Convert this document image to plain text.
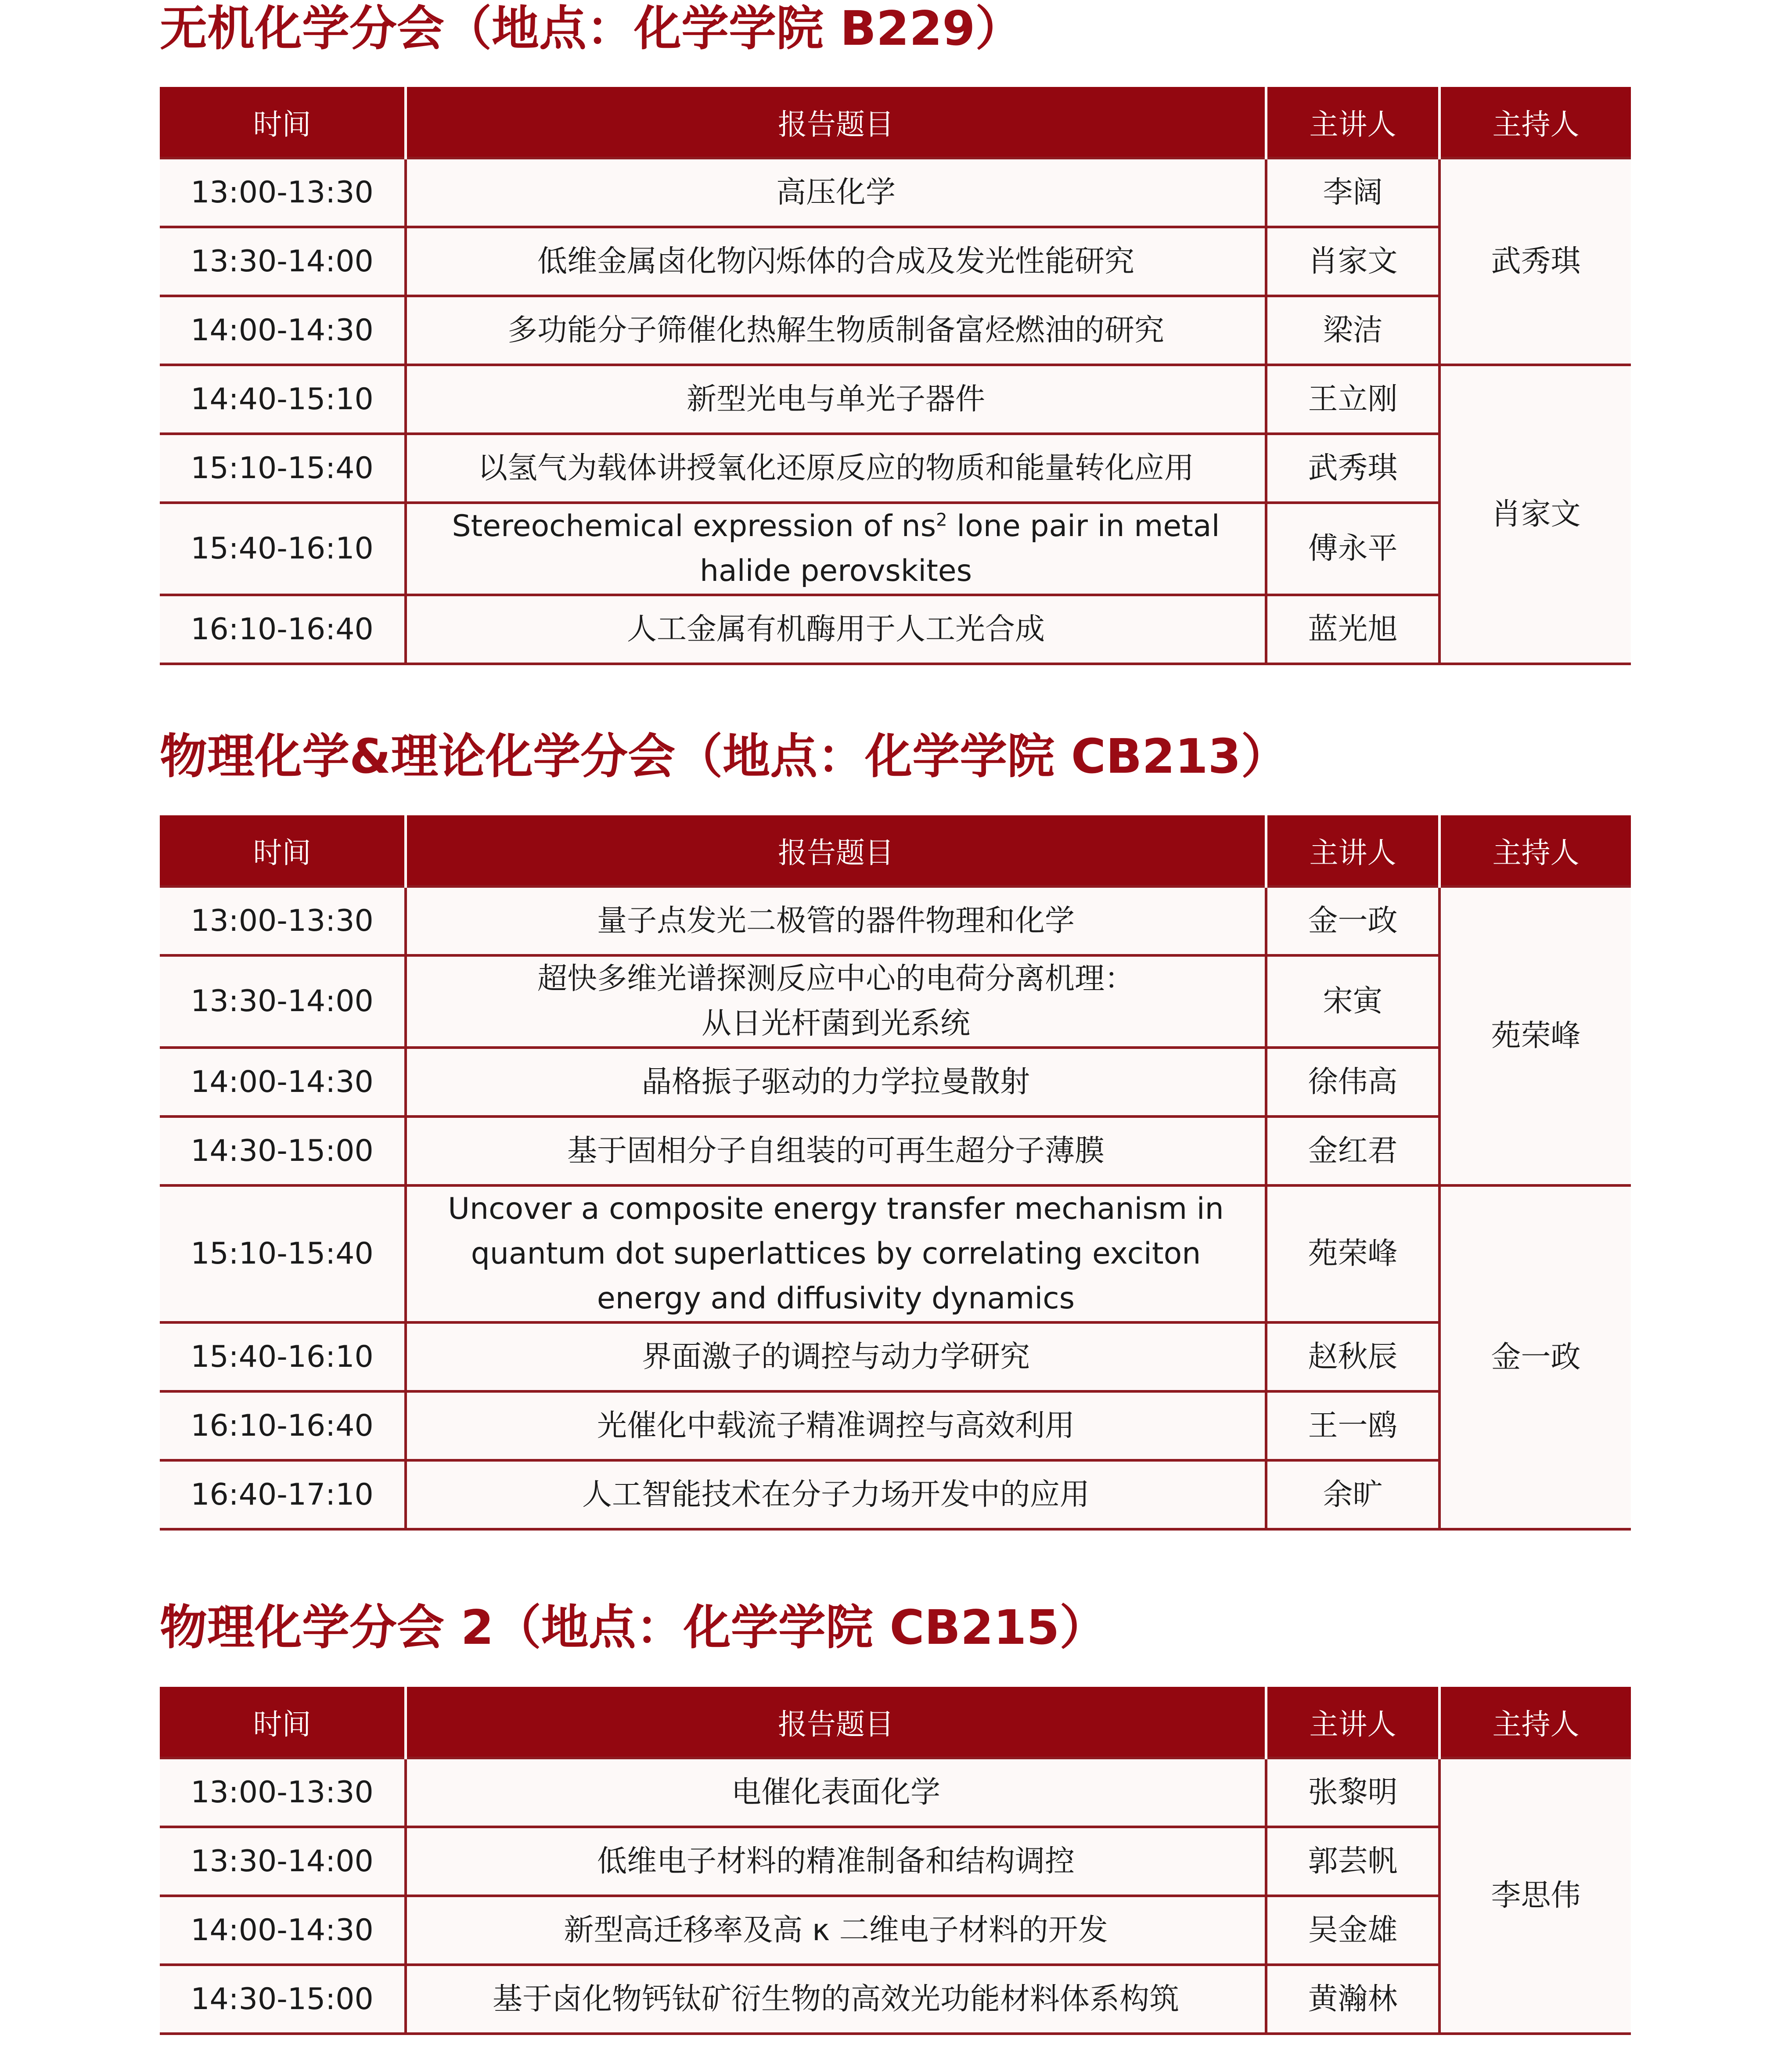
无机化学分会（地点：化学学院 B229）
时间	报告题目	主讲人	主持人
13:00-13:30	高压化学	李阔	武秀琪
13:30-14:00	低维金属卤化物闪烁体的合成及发光性能研究	肖家文	
14:00-14:30	多功能分子筛催化热解生物质制备富烃燃油的研究	梁洁	
14:40-15:10	新型光电与单光子器件	王立刚	肖家文
15:10-15:40	以氢气为载体讲授氧化还原反应的物质和能量转化应用	武秀琪	
15:40-16:10	Stereochemical expression of $ns^2$ lone pair in metal halide perovskites	傅永平	
16:10-16:40	人工金属有机酶用于人工光合成	蓝光旭	
物理化学&理论化学分会（地点：化学学院 CB213）
时间	报告题目	主讲人	主持人
13:00-13:30	量子点发光二极管的器件物理和化学	金一政	苑荣峰
13:30-14:00	超快多维光谱探测反应中心的电荷分离机理：
从日光杆菌到光系统	宋寅	
14:00-14:30	晶格振子驱动的力学拉曼散射	徐伟高	
14:30-15:00	基于固相分子自组装的可再生超分子薄膜	金红君	
15:10-15:40	Uncover a composite energy transfer mechanism in quantum dot superlattices by correlating exciton energy and diffusivity dynamics	苑荣峰	金一政
15:40-16:10	界面激子的调控与动力学研究	赵秋辰	
16:10-16:40	光催化中载流子精准调控与高效利用	王一鸥	
16:40-17:10	人工智能技术在分子力场开发中的应用	余旷	
物理化学分会 2（地点：化学学院 CB215）
时间	报告题目	主讲人	主持人
13:00-13:30	电催化表面化学	张黎明	李思伟
13:30-14:00	低维电子材料的精准制备和结构调控	郭芸帆	
14:00-14:30	新型高迁移率及高 κ 二维电子材料的开发	吴金雄	
14:30-15:00	基于卤化物钙钛矿衍生物的高效光功能材料体系构筑	黄瀚林	
